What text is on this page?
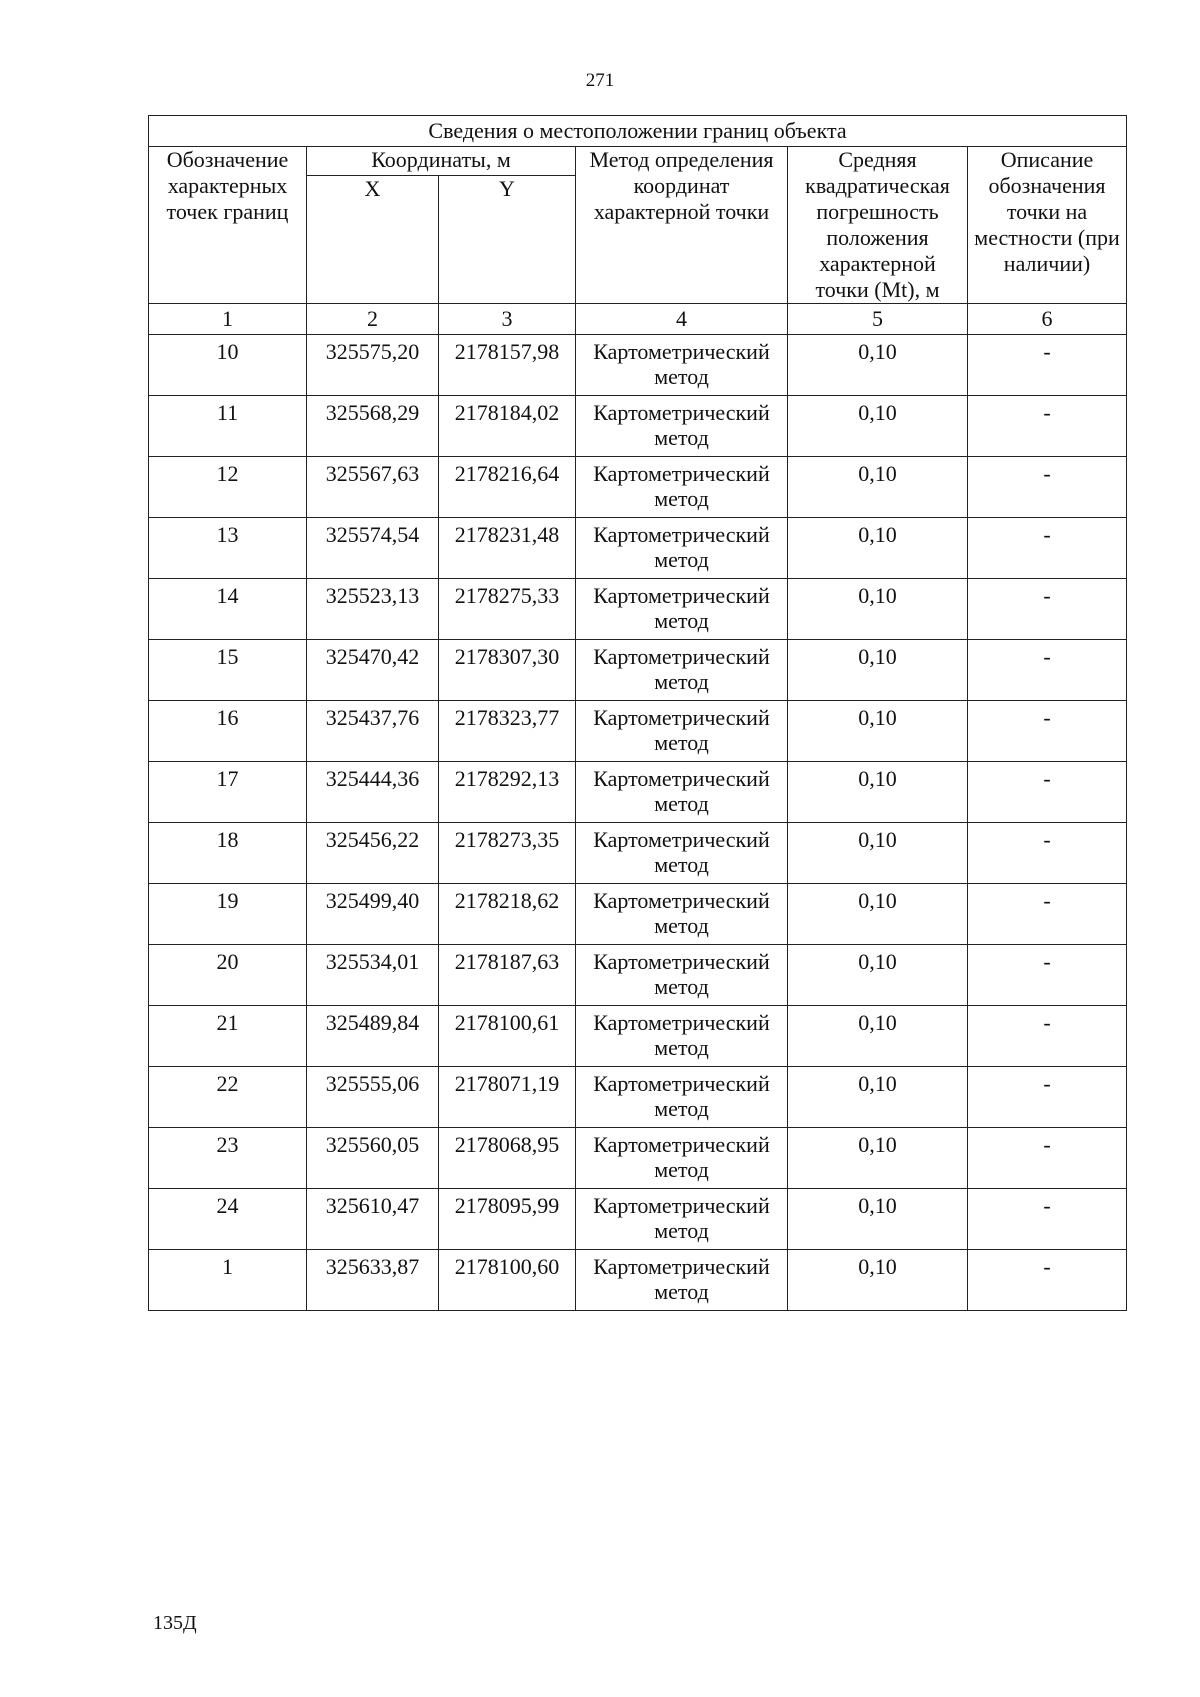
271
Сведения о местоположении границ объекта					
Обозначение характерных точек границ	Координаты, м		Метод определения координат характерной точки	Средняя квадратическая погрешность положения характерной точки (Mt), м	Описание обозначения точки на местности (при наличии)
	X	Y			
1	2	3	4	5	6
10	325575,20	2178157,98	Картометрический метод	0,10	-
11	325568,29	2178184,02	Картометрический метод	0,10	-
12	325567,63	2178216,64	Картометрический метод	0,10	-
13	325574,54	2178231,48	Картометрический метод	0,10	-
14	325523,13	2178275,33	Картометрический метод	0,10	-
15	325470,42	2178307,30	Картометрический метод	0,10	-
16	325437,76	2178323,77	Картометрический метод	0,10	-
17	325444,36	2178292,13	Картометрический метод	0,10	-
18	325456,22	2178273,35	Картометрический метод	0,10	-
19	325499,40	2178218,62	Картометрический метод	0,10	-
20	325534,01	2178187,63	Картометрический метод	0,10	-
21	325489,84	2178100,61	Картометрический метод	0,10	-
22	325555,06	2178071,19	Картометрический метод	0,10	-
23	325560,05	2178068,95	Картометрический метод	0,10	-
24	325610,47	2178095,99	Картометрический метод	0,10	-
1	325633,87	2178100,60	Картометрический метод	0,10	-
135Д
